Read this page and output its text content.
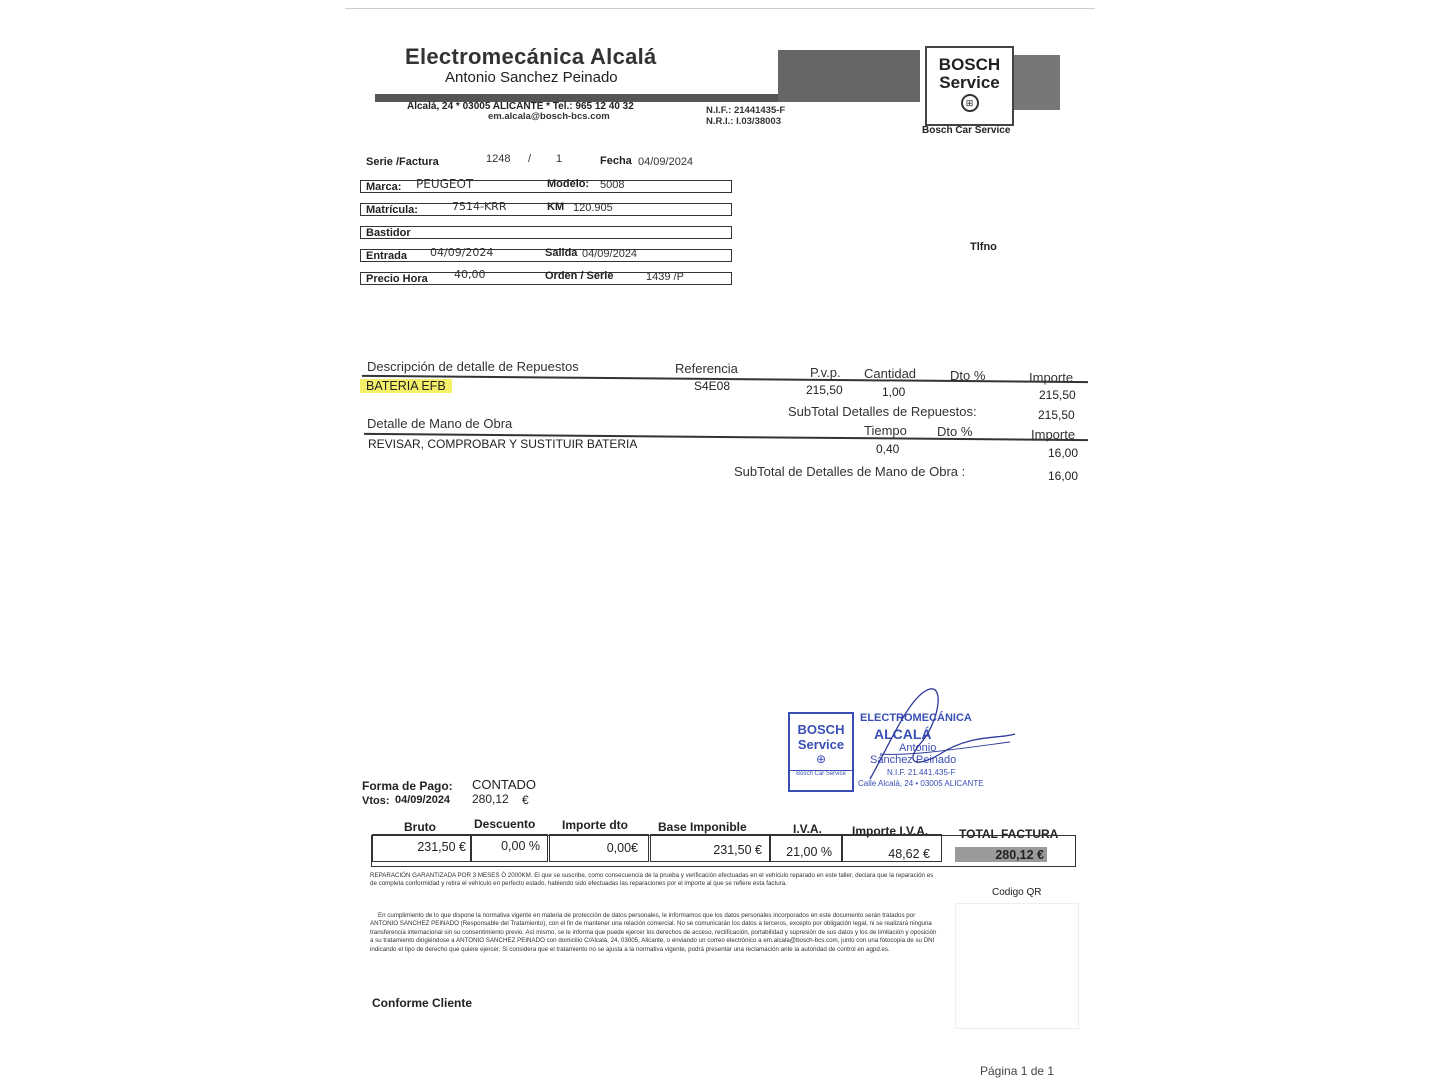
Electromecánica Alcalá
Antonio Sanchez Peinado
Alcalá, 24 * 03005 ALICANTE * Tel.: 965 12 40 32
em.alcala@bosch-bcs.com
N.I.F.: 21441435-F
N.R.I.: I.03/38003
BOSCH
Service
⊞
Bosch Car Service
Serie /Factura	1248 / 1	Fecha 04/09/2024
Tlfno
Marca: PEUGEOT	Modelo: 5008
Matrícula:	7514-KRR	KM 120.905
Bastidor
Entrada 04/09/2024	Salida 04/09/2024
Precio Hora 40,00	Orden / Serie	1439 /P
Descripción de detalle de Repuestos	Referencia	P.v.p. Cantidad	Dto %	Importe
BATERIA EFB	S4E08	215,50	1,00	215,50
SubTotal Detalles de Repuestos:	215,50
Detalle de Mano de Obra	Tiempo Dto %	Importe
REVISAR, COMPROBAR Y SUSTITUIR BATERIA	0,40	16,00
SubTotal de Detalles de Mano de Obra :	16,00
BOSCH
Service
⊕
Bosch Car Service
ELECTROMECÁNICA
ALCALÁ
Antonio
Sánchez Peinado
N.I.F. 21.441.435-F
Calle Alcalá, 24 • 03005 ALICANTE
Forma de Pago: CONTADO
Vtos: 04/09/2024 280,12 €
Bruto	Descuento Importe dto	Base Imponible	I.V.A.	Importe I.V.A.	TOTAL FACTURA
231,50 €	0,00 %	0,00€	231,50 €	21,00 %	48,62 €	280,12 €
REPARACIÓN GARANTIZADA POR 3 MESES Ó 2000KM. El que se suscribe, como consecuencia de la prueba y verificación efectuadas en el vehículo reparado en este taller, declara que la reparación es de completa conformidad y retira el vehículo en perfecto estado, habiendo sido efectuadas las reparaciones por el importe al que se refiere esta factura.
En cumplimiento de lo que dispone la normativa vigente en materia de protección de datos personales, le informamos que los datos personales incorporados en este documento serán tratados por ANTONIO SANCHEZ PEINADO (Responsable del Tratamiento), con el fin de mantener una relación comercial. No se comunicarán los datos a terceros, excepto por obligación legal, ni se realizará ninguna transferencia internacional sin su consentimiento previo. Así mismo, se le informa que puede ejercer los derechos de acceso, rectificación, portabilidad y supresión de sus datos y los de limitación y oposición a su tratamiento dirigiéndose a ANTONIO SANCHEZ PEINADO con domicilio C/Alcalá, 24, 03005, Alicante, o enviando un correo electrónico a em.alcala@bosch-bcs.com, junto con una fotocopia de su DNI indicando el tipo de derecho que quiere ejercer. Si considera que el tratamiento no se ajusta a la normativa vigente, podrá presentar una reclamación ante la autoridad de control en agpd.es.
Codigo QR
Conforme Cliente
Página 1 de 1
